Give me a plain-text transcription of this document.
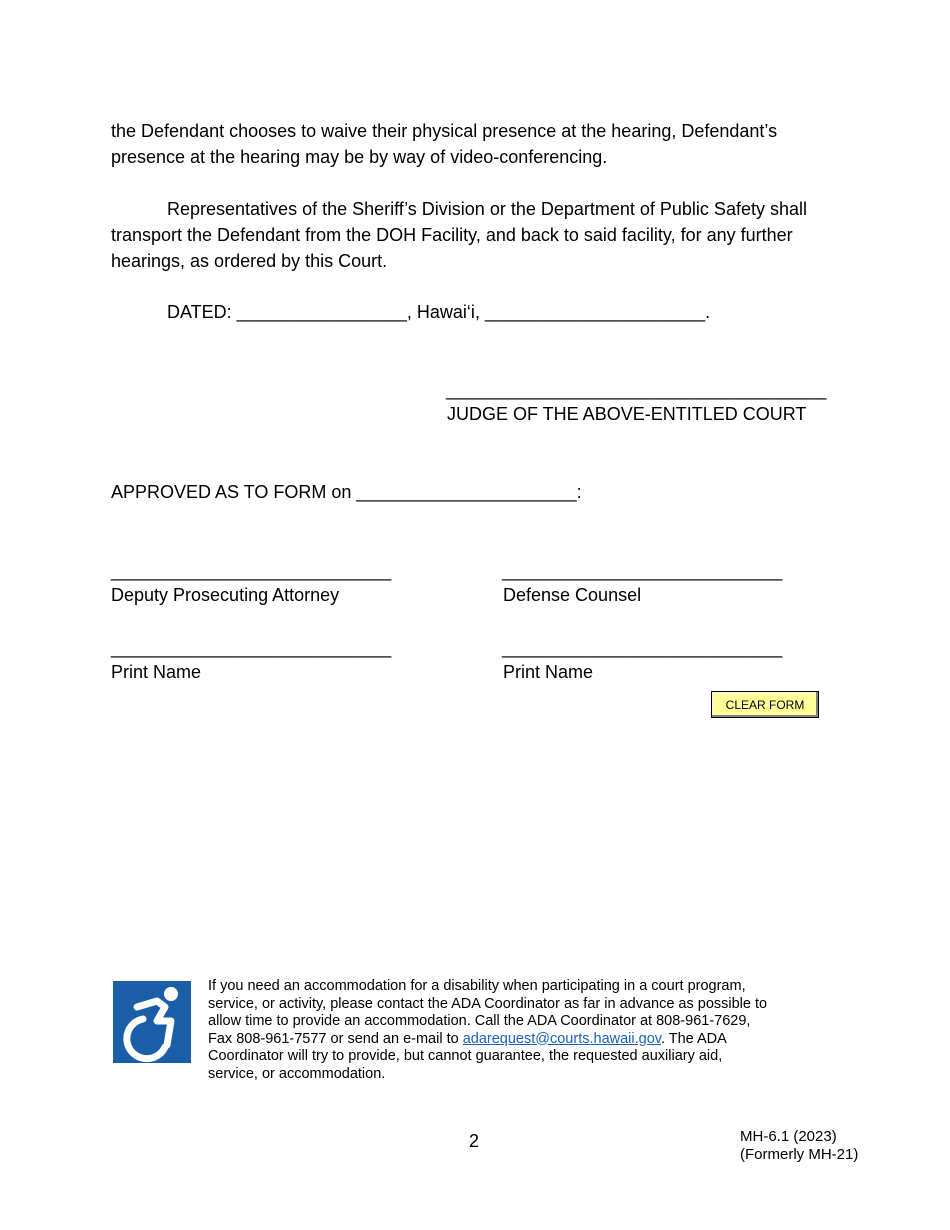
the Defendant chooses to waive their physical presence at the hearing, Defendant’s
presence at the hearing may be by way of video-conferencing.
Representatives of the Sheriff’s Division or the Department of Public Safety shall
transport the Defendant from the DOH Facility, and back to said facility, for any further
hearings, as ordered by this Court.
DATED: _________________, Hawai‘i, ______________________.
______________________________________
JUDGE OF THE ABOVE-ENTITLED COURT
APPROVED AS TO FORM on ______________________:
____________________________	____________________________
Deputy Prosecuting Attorney	Defense Counsel
____________________________	____________________________
Print Name	Print Name
CLEAR FORM
If you need an accommodation for a disability when participating in a court program,
service, or activity, please contact the ADA Coordinator as far in advance as possible to
allow time to provide an accommodation. Call the ADA Coordinator at 808-961-7629,
Fax 808-961-7577 or send an e-mail to adarequest@courts.hawaii.gov. The ADA
Coordinator will try to provide, but cannot guarantee, the requested auxiliary aid,
service, or accommodation.
2	MH-6.1 (2023)
(Formerly MH-21)
